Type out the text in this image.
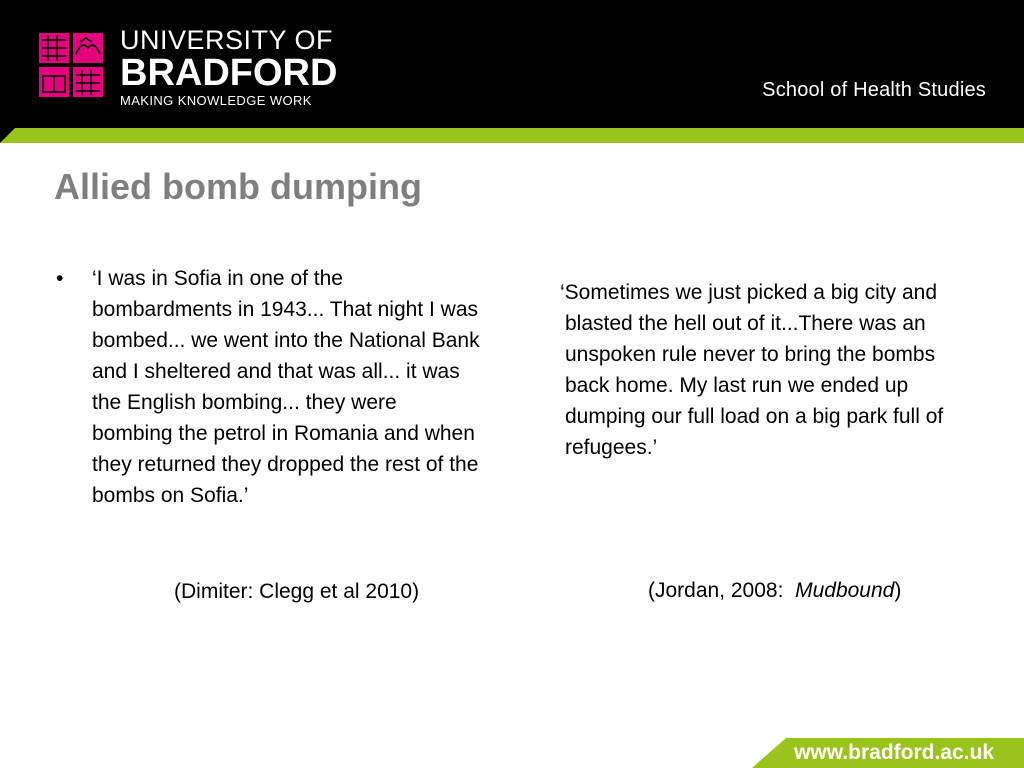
UNIVERSITY OF
BRADFORD
MAKING KNOWLEDGE WORK	School of Health Studies
Allied bomb dumping
•	‘I was in Sofia in one of the bombardments in 1943... That night I was bombed... we went into the National Bank and I sheltered and that was all... it was the English bombing... they were bombing the petrol in Romania and when they returned they dropped the rest of the bombs on Sofia.’
(Dimiter: Clegg et al 2010)
‘Sometimes we just picked a big city and blasted the hell out of it...There was an unspoken rule never to bring the bombs back home. My last run we ended up dumping our full load on a big park full of refugees.’
(Jordan, 2008:  Mudbound)
www.bradford.ac.uk
